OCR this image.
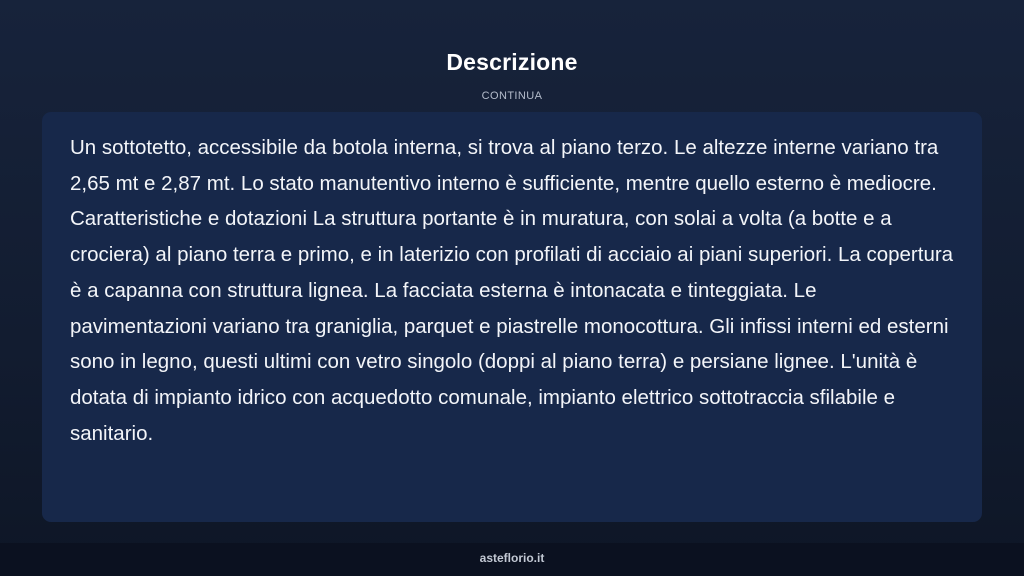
Descrizione
CONTINUA

Un sottotetto, accessibile da botola interna, si trova al piano terzo. Le altezze interne variano tra 2,65 mt e 2,87 mt. Lo stato manutentivo interno è sufficiente, mentre quello esterno è mediocre. Caratteristiche e dotazioni La struttura portante è in muratura, con solai a volta (a botte e a crociera) al piano terra e primo, e in laterizio con profilati di acciaio ai piani superiori. La copertura è a capanna con struttura lignea. La facciata esterna è intonacata e tinteggiata. Le pavimentazioni variano tra graniglia, parquet e piastrelle monocottura. Gli infissi interni ed esterni sono in legno, questi ultimi con vetro singolo (doppi al piano terra) e persiane lignee. L'unità è dotata di impianto idrico con acquedotto comunale, impianto elettrico sottotraccia sfilabile e sanitario.

asteflorio.it
